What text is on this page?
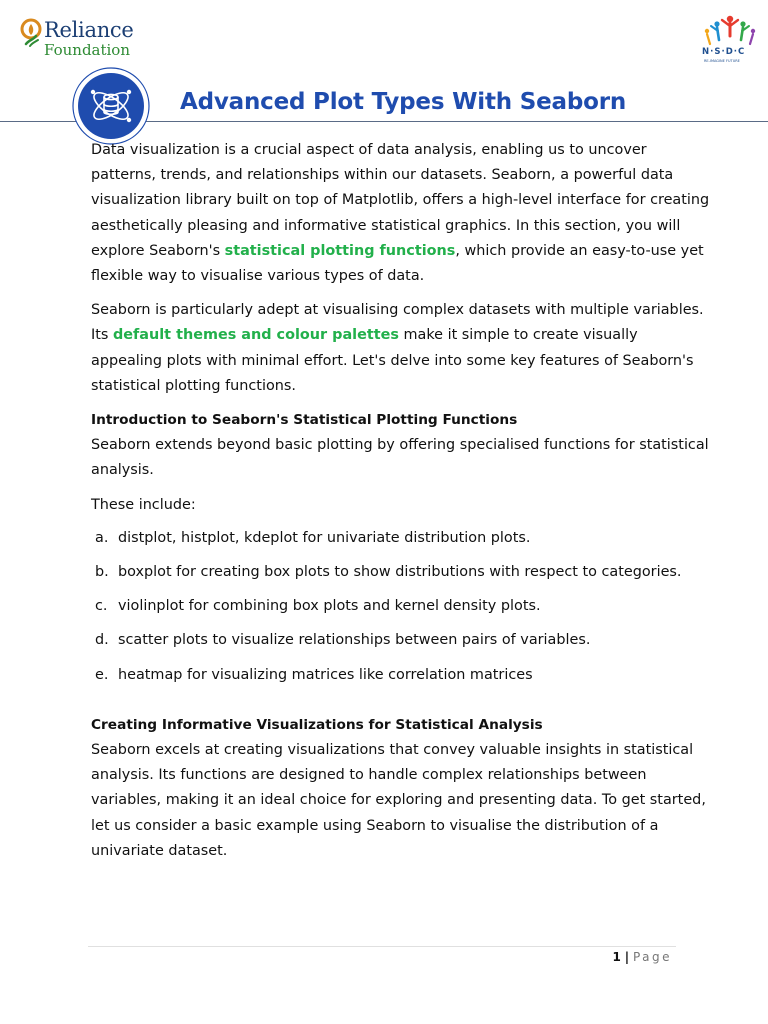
Reliance
Foundation	N·S·D·C
RE-IMAGINE FUTURE
Advanced Plot Types With Seaborn

Data visualization is a crucial aspect of data analysis, enabling us to uncover patterns, trends, and relationships within our datasets. Seaborn, a powerful data visualization library built on top of Matplotlib, offers a high-level interface for creating aesthetically pleasing and informative statistical graphics. In this section, you will explore Seaborn's statistical plotting functions, which provide an easy-to-use yet flexible way to visualise various types of data.

Seaborn is particularly adept at visualising complex datasets with multiple variables. Its default themes and colour palettes make it simple to create visually appealing plots with minimal effort. Let's delve into some key features of Seaborn's statistical plotting functions.

Introduction to Seaborn's Statistical Plotting Functions

Seaborn extends beyond basic plotting by offering specialised functions for statistical analysis.

These include:

a. distplot, histplot, kdeplot for univariate distribution plots.
b. boxplot for creating box plots to show distributions with respect to categories.
c. violinplot for combining box plots and kernel density plots.
d. scatter plots to visualize relationships between pairs of variables.
e. heatmap for visualizing matrices like correlation matrices
Creating Informative Visualizations for Statistical Analysis

Seaborn excels at creating visualizations that convey valuable insights in statistical analysis. Its functions are designed to handle complex relationships between variables, making it an ideal choice for exploring and presenting data. To get started, let us consider a basic example using Seaborn to visualise the distribution of a univariate dataset.

1 | Page
